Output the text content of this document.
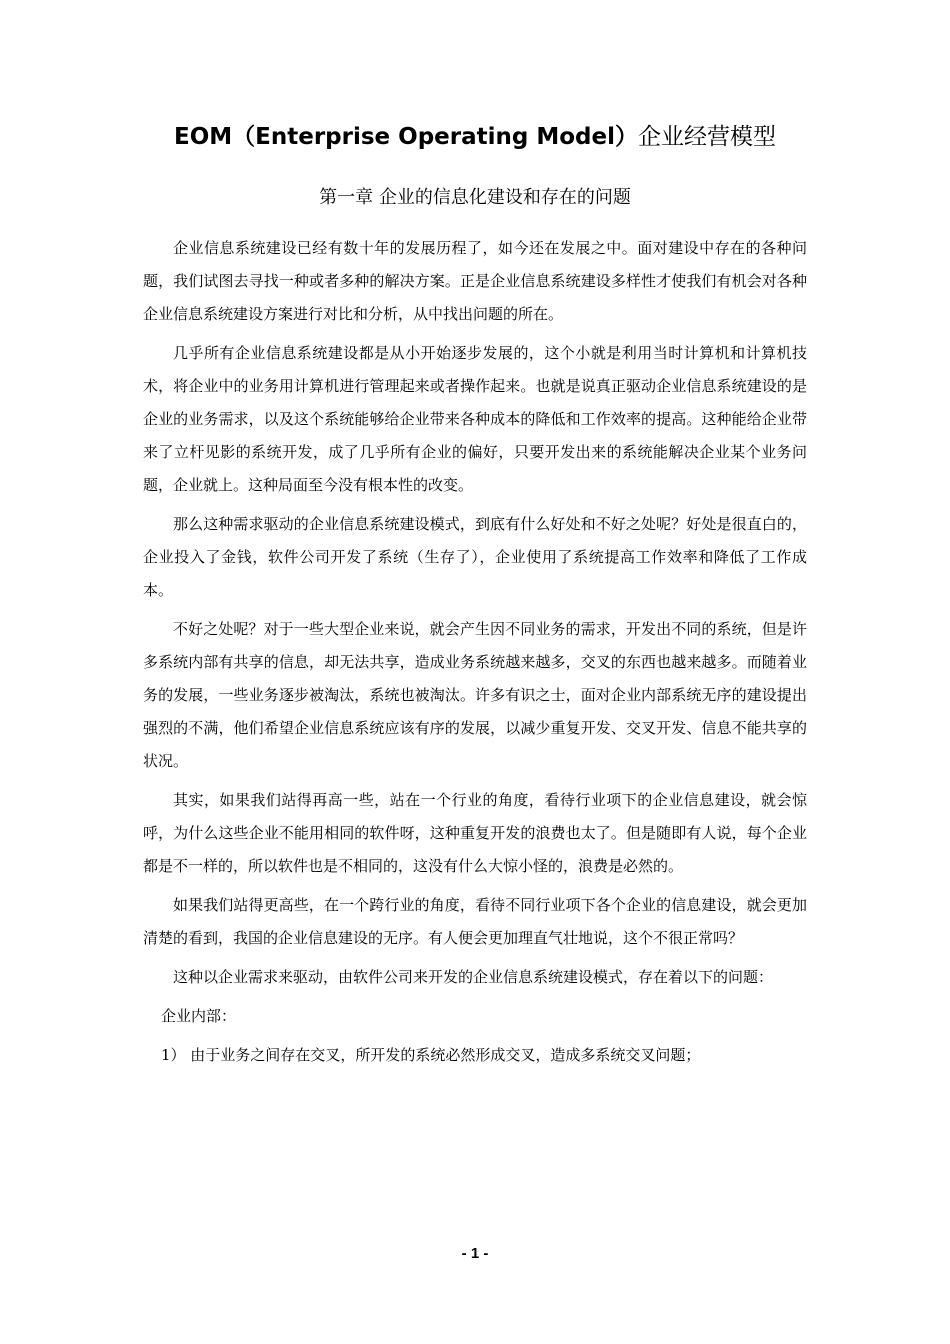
EOM（Enterprise Operating Model）企业经营模型
第一章 企业的信息化建设和存在的问题

企业信息系统建设已经有数十年的发展历程了，如今还在发展之中。面对建设中存在的各种问题，我们试图去寻找一种或者多种的解决方案。正是企业信息系统建设多样性才使我们有机会对各种企业信息系统建设方案进行对比和分析，从中找出问题的所在。

几乎所有企业信息系统建设都是从小开始逐步发展的，这个小就是利用当时计算机和计算机技术，将企业中的业务用计算机进行管理起来或者操作起来。也就是说真正驱动企业信息系统建设的是企业的业务需求，以及这个系统能够给企业带来各种成本的降低和工作效率的提高。这种能给企业带来了立杆见影的系统开发，成了几乎所有企业的偏好，只要开发出来的系统能解决企业某个业务问题，企业就上。这种局面至今没有根本性的改变。

那么这种需求驱动的企业信息系统建设模式，到底有什么好处和不好之处呢？好处是很直白的，企业投入了金钱，软件公司开发了系统（生存了），企业使用了系统提高工作效率和降低了工作成本。

不好之处呢？对于一些大型企业来说，就会产生因不同业务的需求，开发出不同的系统，但是许多系统内部有共享的信息，却无法共享，造成业务系统越来越多，交叉的东西也越来越多。而随着业务的发展，一些业务逐步被淘汰，系统也被淘汰。许多有识之士，面对企业内部系统无序的建设提出强烈的不满，他们希望企业信息系统应该有序的发展，以减少重复开发、交叉开发、信息不能共享的状况。

其实，如果我们站得再高一些，站在一个行业的角度，看待行业项下的企业信息建设，就会惊呼，为什么这些企业不能用相同的软件呀，这种重复开发的浪费也太了。但是随即有人说，每个企业都是不一样的，所以软件也是不相同的，这没有什么大惊小怪的，浪费是必然的。

如果我们站得更高些，在一个跨行业的角度，看待不同行业项下各个企业的信息建设，就会更加清楚的看到，我国的企业信息建设的无序。有人便会更加理直气壮地说，这个不很正常吗？

这种以企业需求来驱动，由软件公司来开发的企业信息系统建设模式，存在着以下的问题：

企业内部：

1） 由于业务之间存在交叉，所开发的系统必然形成交叉，造成多系统交叉问题；

- 1 -
